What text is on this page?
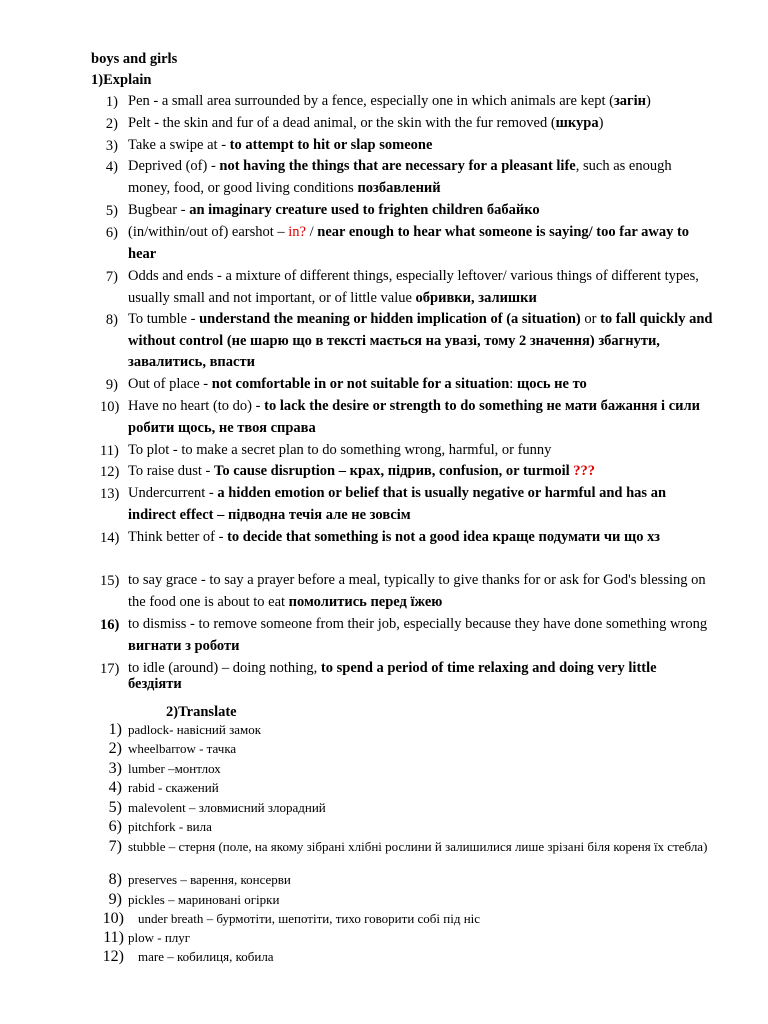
boys and girls
1)Explain
1) Pen - a small area surrounded by a fence, especially one in which animals are kept (загін)
2) Pelt - the skin and fur of a dead animal, or the skin with the fur removed (шкура)
3) Take a swipe at - to attempt to hit or slap someone
4) Deprived (of) - not having the things that are necessary for a pleasant life, such as enough money, food, or good living conditions позбавлений
5) Bugbear - an imaginary creature used to frighten children бабайко
6) (in/within/out of) earshot – in? / near enough to hear what someone is saying/ too far away to hear
7) Odds and ends - a mixture of different things, especially leftover/ various things of different types, usually small and not important, or of little value обривки, залишки
8) To tumble - understand the meaning or hidden implication of (a situation) or to fall quickly and without control (не шарю що в тексті мається на увазі, тому 2 значення) збагнути, завалитись, впасти
9) Out of place - not comfortable in or not suitable for a situation: щось не то
10) Have no heart (to do) - to lack the desire or strength to do something не мати бажання і сили робити щось, не твоя справа
11) To plot - to make a secret plan to do something wrong, harmful, or funny
12) To raise dust - To cause disruption – крах, підрив, confusion, or turmoil ???
13) Undercurrent - a hidden emotion or belief that is usually negative or harmful and has an indirect effect – підводна течія але не зовсім
14) Think better of - to decide that something is not a good idea краще подумати чи що хз
15) to say grace - to say a prayer before a meal, typically to give thanks for or ask for God's blessing on the food one is about to eat помолитись перед їжею
16) to dismiss - to remove someone from their job, especially because they have done something wrong вигнати з роботи
17) to idle (around) – doing nothing, to spend a period of time relaxing and doing very little бездіяти
2)Translate
1) padlock- навісний замок
2) wheelbarrow - тачка
3) lumber –монтлох
4) rabid - скажений
5) malevolent – зловмисний злорадний
6) pitchfork - вила
7) stubble – стерня (поле, на якому зібрані хлібні рослини й залишилися лише зрізані біля кореня їх стебла)
8) preserves – варення, консерви
9) pickles – мариновані огірки
10) under breath – бурмотіти, шепотіти, тихо говорити собі під ніс
11) plow - плуг
12) mare – кобилиця, кобила
